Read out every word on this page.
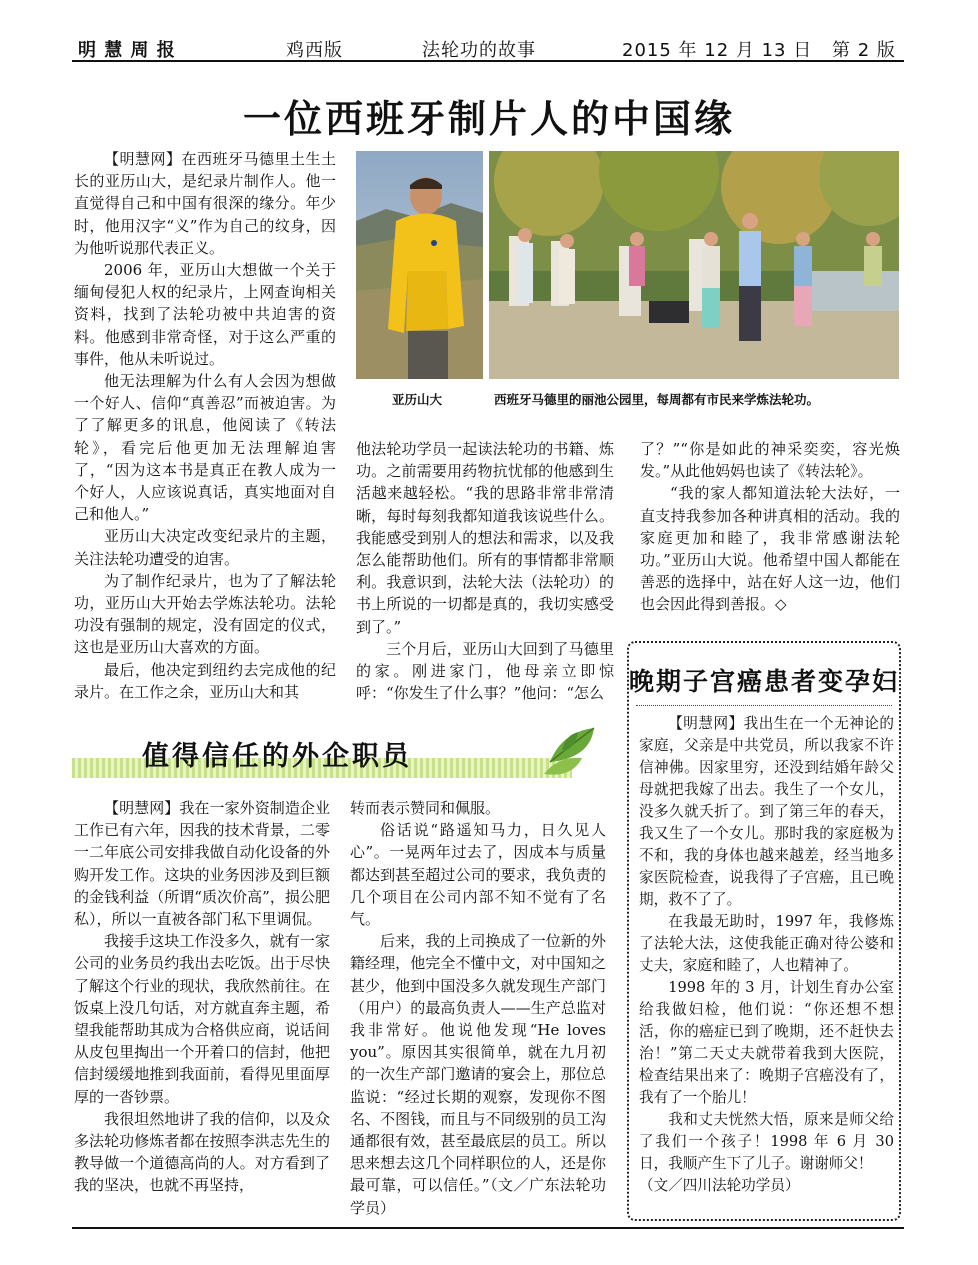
明 慧 周 报	鸡西版	法轮功的故事	2015 年 12 月 13 日 第 2 版
一位西班牙制片人的中国缘

【明慧网】在西班牙马德里土生土长的亚历山大，是纪录片制作人。他一直觉得自己和中国有很深的缘分。年少时，他用汉字“义”作为自己的纹身，因为他听说那代表正义。

2006 年，亚历山大想做一个关于缅甸侵犯人权的纪录片，上网查询相关资料，找到了法轮功被中共迫害的资料。他感到非常奇怪，对于这么严重的事件，他从未听说过。

他无法理解为什么有人会因为想做一个好人、信仰“真善忍”而被迫害。为了了解更多的讯息，他阅读了《转法轮》，看完后他更加无法理解迫害了，“因为这本书是真正在教人成为一个好人，人应该说真话，真实地面对自己和他人。”

亚历山大决定改变纪录片的主题，关注法轮功遭受的迫害。

为了制作纪录片，也为了了解法轮功，亚历山大开始去学炼法轮功。法轮功没有强制的规定，没有固定的仪式，这也是亚历山大喜欢的方面。

最后，他决定到纽约去完成他的纪录片。在工作之余，亚历山大和其

亚历山大	西班牙马德里的丽池公园里，每周都有市民来学炼法轮功。

他法轮功学员一起读法轮功的书籍、炼功。之前需要用药物抗忧郁的他感到生活越来越轻松。“我的思路非常非常清晰，每时每刻我都知道我该说些什么。我能感受到别人的想法和需求，以及我怎么能帮助他们。所有的事情都非常顺利。我意识到，法轮大法（法轮功）的书上所说的一切都是真的，我切实感受到了。”

三个月后，亚历山大回到了马德里的家。刚进家门，他母亲立即惊呼：“你发生了什么事？”他问：“怎么

了？”“你是如此的神采奕奕，容光焕发。”从此他妈妈也读了《转法轮》。

“我的家人都知道法轮大法好，一直支持我参加各种讲真相的活动。我的家庭更加和睦了，我非常感谢法轮功。”亚历山大说。他希望中国人都能在善恶的选择中，站在好人这一边，他们也会因此得到善报。◇

值得信任的外企职员

【明慧网】我在一家外资制造企业工作已有六年，因我的技术背景，二零一二年底公司安排我做自动化设备的外购开发工作。这块的业务因涉及到巨额的金钱利益（所谓“质次价高”，损公肥私），所以一直被各部门私下里调侃。

我接手这块工作没多久，就有一家公司的业务员约我出去吃饭。出于尽快了解这个行业的现状，我欣然前往。在饭桌上没几句话，对方就直奔主题，希望我能帮助其成为合格供应商，说话间从皮包里掏出一个开着口的信封，他把信封缓缓地推到我面前，看得见里面厚厚的一沓钞票。

我很坦然地讲了我的信仰，以及众多法轮功修炼者都在按照李洪志先生的教导做一个道德高尚的人。对方看到了我的坚决，也就不再坚持，

转而表示赞同和佩服。

俗话说“路遥知马力，日久见人心”。一晃两年过去了，因成本与质量都达到甚至超过公司的要求，我负责的几个项目在公司内部不知不觉有了名气。

后来，我的上司换成了一位新的外籍经理，他完全不懂中文，对中国知之甚少，他到中国没多久就发现生产部门（用户）的最高负责人——生产总监对我非常好。他说他发现“He loves you”。原因其实很简单，就在九月初的一次生产部门邀请的宴会上，那位总监说：“经过长期的观察，发现你不图名、不图钱，而且与不同级别的员工沟通都很有效，甚至最底层的员工。所以思来想去这几个同样职位的人，还是你最可靠，可以信任。”（文／广东法轮功学员）

晚期子宫癌患者变孕妇

【明慧网】我出生在一个无神论的家庭，父亲是中共党员，所以我家不许信神佛。因家里穷，还没到结婚年龄父母就把我嫁了出去。我生了一个女儿，没多久就夭折了。到了第三年的春天，我又生了一个女儿。那时我的家庭极为不和，我的身体也越来越差，经当地多家医院检查，说我得了子宫癌，且已晚期，救不了了。

在我最无助时，1997 年，我修炼了法轮大法，这使我能正确对待公婆和丈夫，家庭和睦了，人也精神了。

1998 年的 3 月，计划生育办公室给我做妇检，他们说：“你还想不想活，你的癌症已到了晚期，还不赶快去治！”第二天丈夫就带着我到大医院，检查结果出来了：晚期子宫癌没有了，我有了一个胎儿！

我和丈夫恍然大悟，原来是师父给了我们一个孩子！1998 年 6 月 30 日，我顺产生下了儿子。谢谢师父！

（文／四川法轮功学员）
